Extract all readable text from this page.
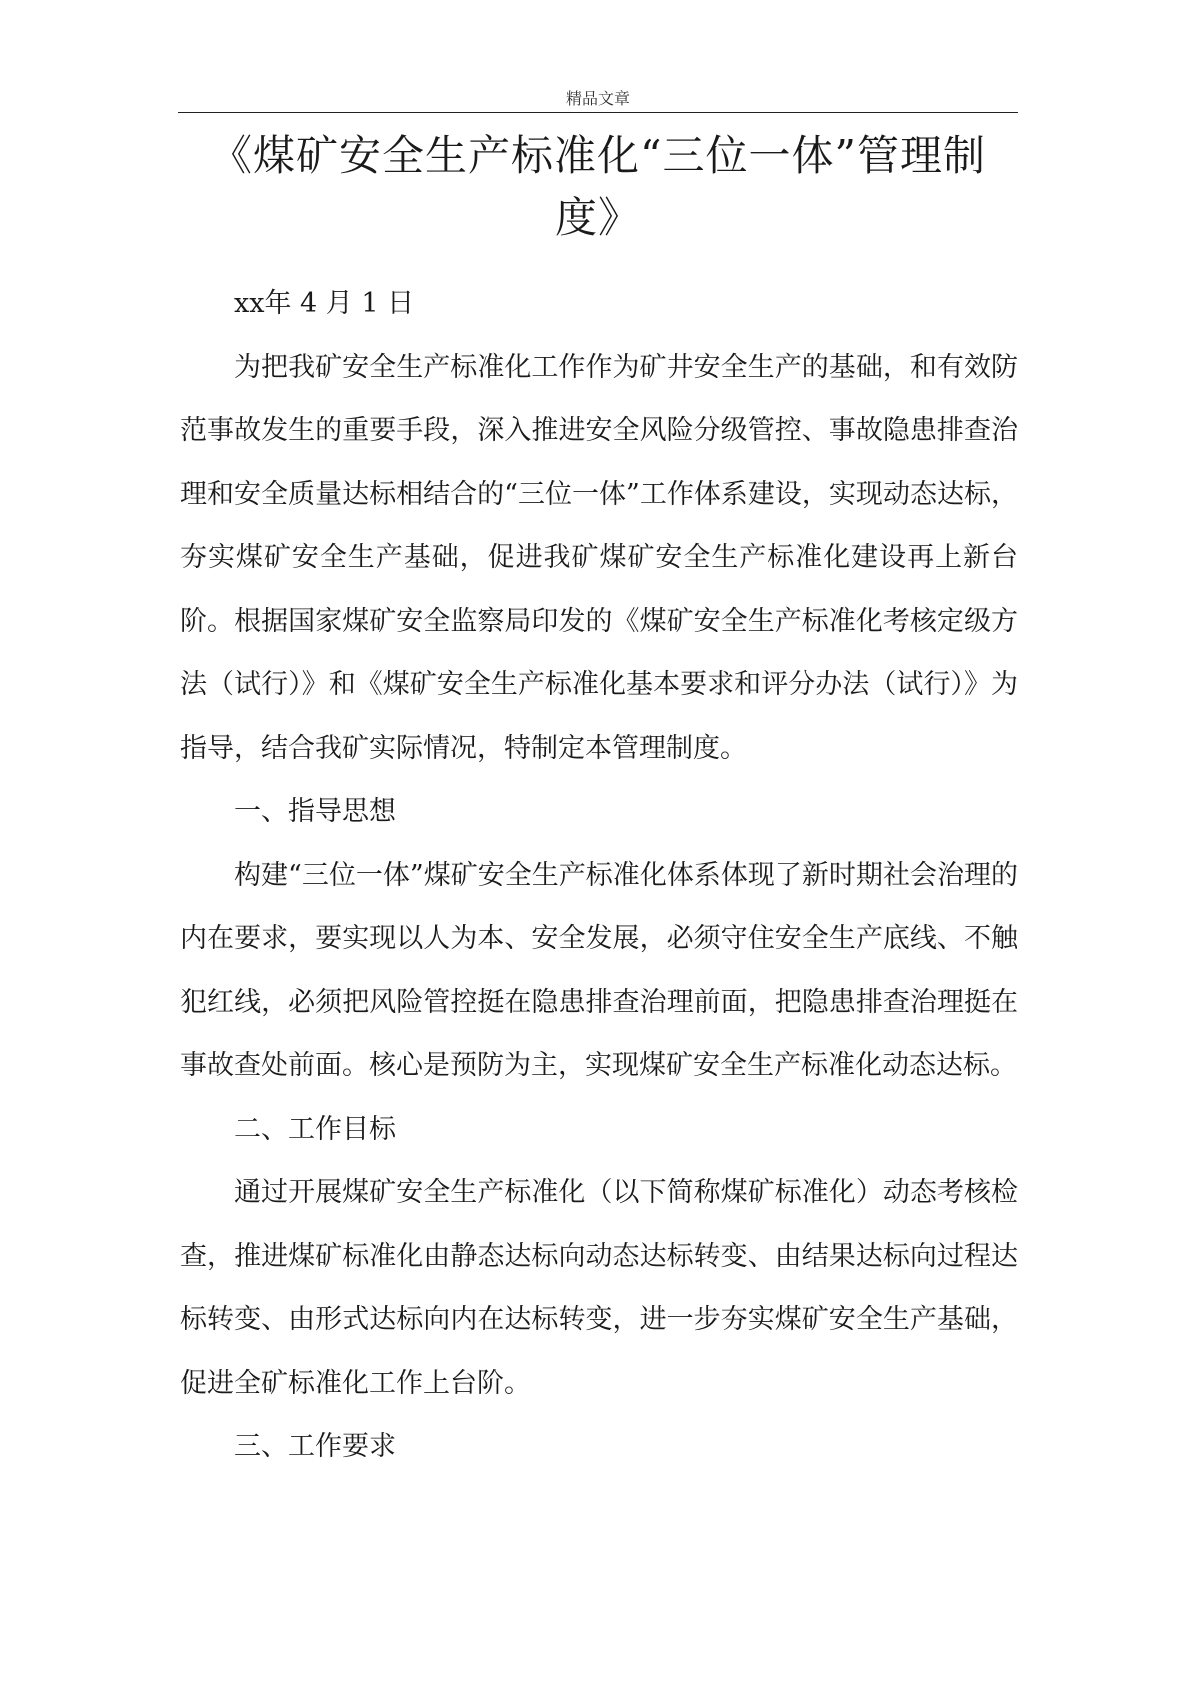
精品文章
《煤矿安全生产标准化“三位一体”管理制度》

xx年 4 月 1 日

为把我矿安全生产标准化工作作为矿井安全生产的基础，和有效防范事故发生的重要手段，深入推进安全风险分级管控、事故隐患排查治理和安全质量达标相结合的“三位一体”工作体系建设，实现动态达标，夯实煤矿安全生产基础，促进我矿煤矿安全生产标准化建设再上新台阶。根据国家煤矿安全监察局印发的《煤矿安全生产标准化考核定级方法（试行）》和《煤矿安全生产标准化基本要求和评分办法（试行）》为指导，结合我矿实际情况，特制定本管理制度。

一、指导思想

构建“三位一体”煤矿安全生产标准化体系体现了新时期社会治理的内在要求，要实现以人为本、安全发展，必须守住安全生产底线、不触犯红线，必须把风险管控挺在隐患排查治理前面，把隐患排查治理挺在事故查处前面。核心是预防为主，实现煤矿安全生产标准化动态达标。

二、工作目标

通过开展煤矿安全生产标准化（以下简称煤矿标准化）动态考核检查，推进煤矿标准化由静态达标向动态达标转变、由结果达标向过程达标转变、由形式达标向内在达标转变，进一步夯实煤矿安全生产基础，促进全矿标准化工作上台阶。

三、工作要求
